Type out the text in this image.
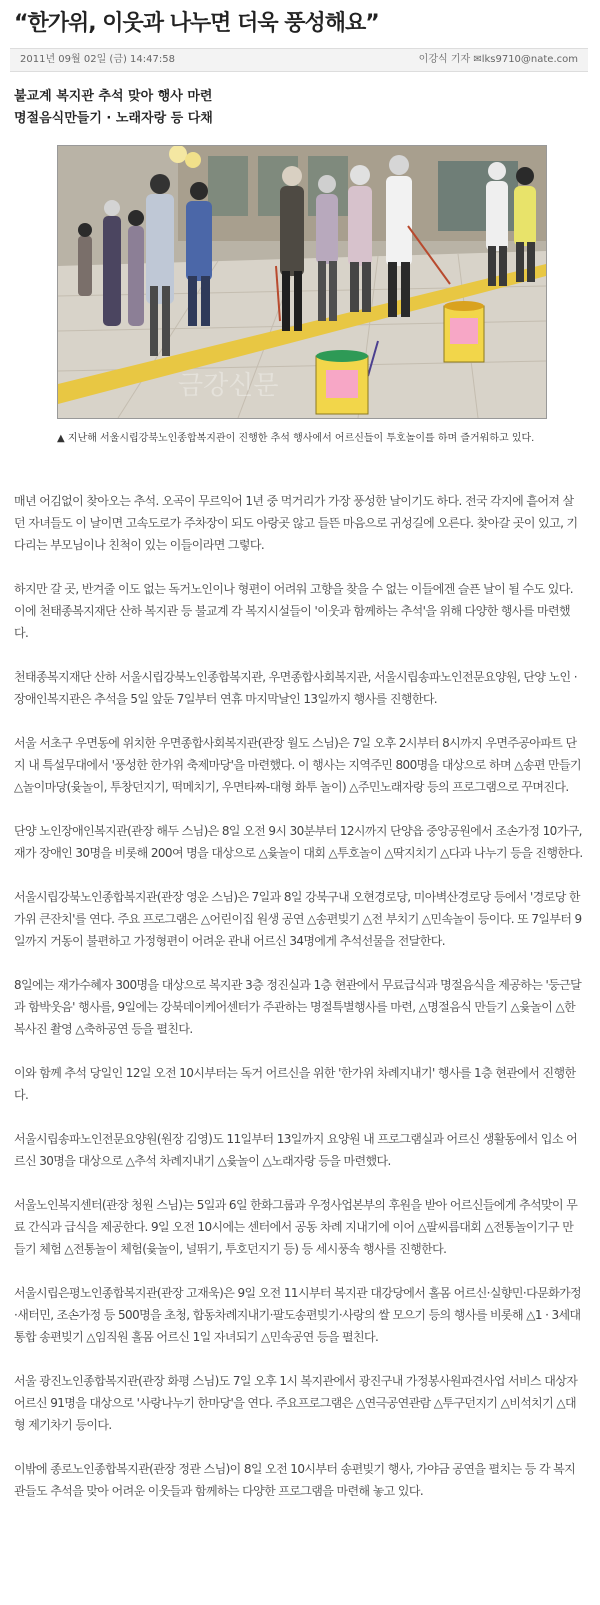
“한가위, 이웃과 나누면 더욱 풍성해요”
2011년 09월 02일 (금) 14:47:58	이강식 기자 ✉lks9710@nate.com
불교계 복지관 추석 맞아 행사 마련
명절음식만들기 · 노래자랑 등 다채
금강신문
▲ 지난해 서울시립강북노인종합복지관이 진행한 추석 행사에서 어르신들이 투호놀이를 하며 즐거워하고 있다.

매년 어김없이 찾아오는 추석. 오곡이 무르익어 1년 중 먹거리가 가장 풍성한 날이기도 하다. 전국 각지에 흩어져 살던 자녀들도 이 날이면 고속도로가 주차장이 되도 아랑곳 않고 들뜬 마음으로 귀성길에 오른다. 찾아갈 곳이 있고, 기다리는 부모님이나 친척이 있는 이들이라면 그렇다.

하지만 갈 곳, 반겨줄 이도 없는 독거노인이나 형편이 어려워 고향을 찾을 수 없는 이들에겐 슬픈 날이 될 수도 있다. 이에 천태종복지재단 산하 복지관 등 불교계 각 복지시설들이 '이웃과 함께하는 추석'을 위해 다양한 행사를 마련했다.

천태종복지재단 산하 서울시립강북노인종합복지관, 우면종합사회복지관, 서울시립송파노인전문요양원, 단양 노인 · 장애인복지관은 추석을 5일 앞둔 7일부터 연휴 마지막날인 13일까지 행사를 진행한다.

서울 서초구 우면동에 위치한 우면종합사회복지관(관장 월도 스님)은 7일 오후 2시부터 8시까지 우면주공아파트 단지 내 특설무대에서 '풍성한 한가위 축제마당'을 마련했다. 이 행사는 지역주민 800명을 대상으로 하며 △송편 만들기 △놀이마당(윷놀이, 투창던지기, 떡메치기, 우면타짜-대형 화투 놀이) △주민노래자랑 등의 프로그램으로 꾸며진다.

단양 노인장애인복지관(관장 해두 스님)은 8일 오전 9시 30분부터 12시까지 단양읍 중앙공원에서 조손가정 10가구, 재가 장애인 30명을 비롯해 200여 명을 대상으로 △윷놀이 대회 △투호놀이 △딱지치기 △다과 나누기 등을 진행한다.

서울시립강북노인종합복지관(관장 영운 스님)은 7일과 8일 강북구내 오현경로당, 미아벽산경로당 등에서 '경로당 한가위 큰잔치'를 연다. 주요 프로그램은 △어린이집 원생 공연 △송편빚기 △전 부치기 △민속놀이 등이다. 또 7일부터 9일까지 거동이 불편하고 가정형편이 어려운 관내 어르신 34명에게 추석선물을 전달한다.

8일에는 재가수혜자 300명을 대상으로 복지관 3층 정진실과 1층 현관에서 무료급식과 명절음식을 제공하는 '둥근달과 함박웃음' 행사를, 9일에는 강북데이케어센터가 주관하는 명절특별행사를 마련, △명절음식 만들기 △윷놀이 △한복사진 촬영 △축하공연 등을 펼친다.

이와 함께 추석 당일인 12일 오전 10시부터는 독거 어르신을 위한 '한가위 차례지내기' 행사를 1층 현관에서 진행한다.

서울시립송파노인전문요양원(원장 김영)도 11일부터 13일까지 요양원 내 프로그램실과 어르신 생활동에서 입소 어르신 30명을 대상으로 △추석 차례지내기 △윷놀이 △노래자랑 등을 마련했다.

서울노인복지센터(관장 청원 스님)는 5일과 6일 한화그룹과 우정사업본부의 후원을 받아 어르신들에게 추석맞이 무료 간식과 급식을 제공한다. 9일 오전 10시에는 센터에서 공동 차례 지내기에 이어 △팔씨름대회 △전통놀이기구 만들기 체험 △전통놀이 체험(윷놀이, 널뛰기, 투호던지기 등) 등 세시풍속 행사를 진행한다.

서울시립은평노인종합복지관(관장 고재욱)은 9일 오전 11시부터 복지관 대강당에서 홀몸 어르신·실향민·다문화가정·새터민, 조손가정 등 500명을 초청, 합동차례지내기·팔도송편빚기·사랑의 쌀 모으기 등의 행사를 비롯해 △1 · 3세대 통합 송편빚기 △임직원 홀몸 어르신 1일 자녀되기 △민속공연 등을 펼친다.

서울 광진노인종합복지관(관장 화평 스님)도 7일 오후 1시 복지관에서 광진구내 가정봉사원파견사업 서비스 대상자 어르신 91명을 대상으로 '사랑나누기 한마당'을 연다. 주요프로그램은 △연극공연관람 △투구던지기 △비석치기 △대형 제기차기 등이다.

이밖에 종로노인종합복지관(관장 정관 스님)이 8일 오전 10시부터 송편빚기 행사, 가야금 공연을 펼치는 등 각 복지관들도 추석을 맞아 어려운 이웃들과 함께하는 다양한 프로그램을 마련해 놓고 있다.
